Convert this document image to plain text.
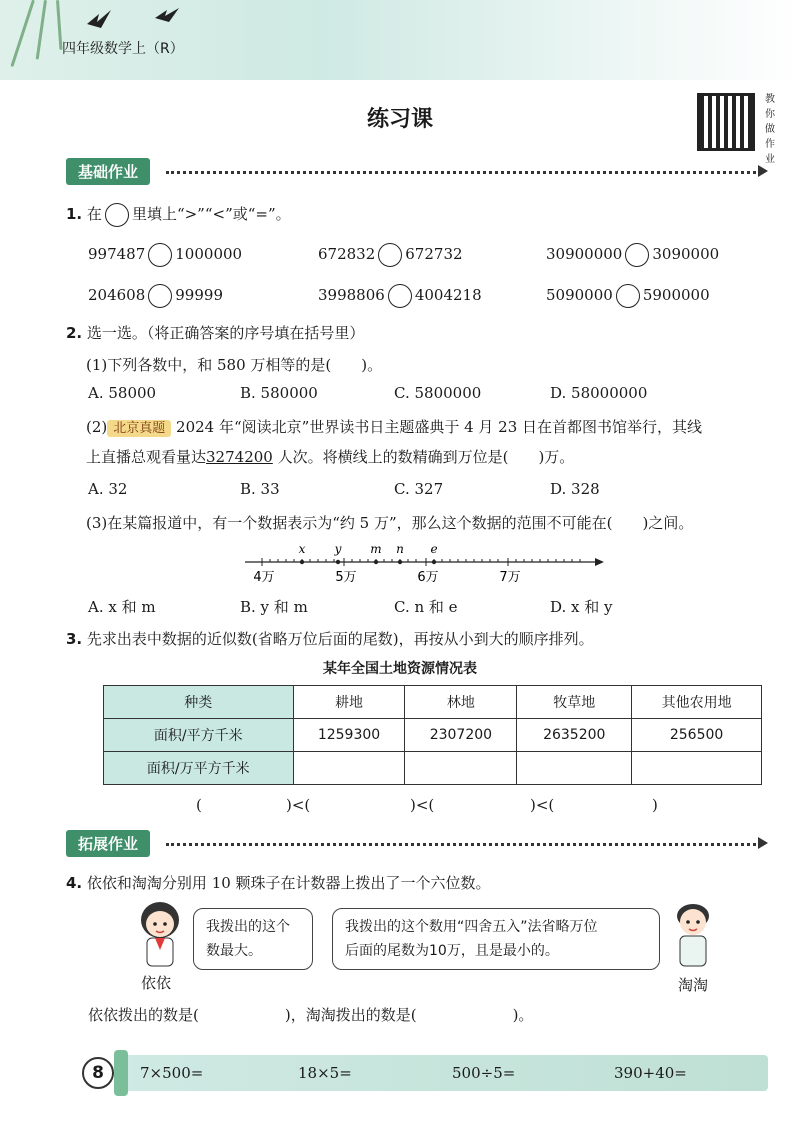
四年级数学上（R）
练习课
教
你
做
作
业
基础作业
1. 在 里填上“>”“<”或“=”。
997487 1000000	672832 672732	30900000 3090000
204608 99999	3998806 4004218	5090000 5900000
2. 选一选。（将正确答案的序号填在括号里）
(1)下列各数中，和 580 万相等的是(　　)。
A. 58000	B. 580000	C. 5800000	D. 58000000
(2) 北京真题 2024 年“阅读北京”世界读书日主题盛典于 4 月 23 日在首都图书馆举行，其线
上直播总观看量达3274200 人次。将横线上的数精确到万位是(　　)万。
A. 32	B. 33	C. 327	D. 328
(3)在某篇报道中，有一个数据表示为“约 5 万”，那么这个数据的范围不可能在(　　)之间。
x y m n e
4万	5万	6万	7万
A. x 和 m	B. y 和 m	C. n 和 e	D. x 和 y
3. 先求出表中数据的近似数(省略万位后面的尾数)，再按从小到大的顺序排列。
某年全国土地资源情况表
种类	耕地	林地	牧草地	其他农用地
面积/平方千米	1259300	2307200	2635200	256500
面积/万平方千米				
(	)<(	)<(	)<(	)
拓展作业
4. 依依和淘淘分别用 10 颗珠子在计数器上拨出了一个六位数。
依依
我拨出的这个
数最大。
我拨出的这个数用“四舍五入”法省略万位
后面的尾数为10万，且是最小的。
淘淘
依依拨出的数是(	)，淘淘拨出的数是(	)。
8	7×500=	18×5=	500÷5=	390+40=
